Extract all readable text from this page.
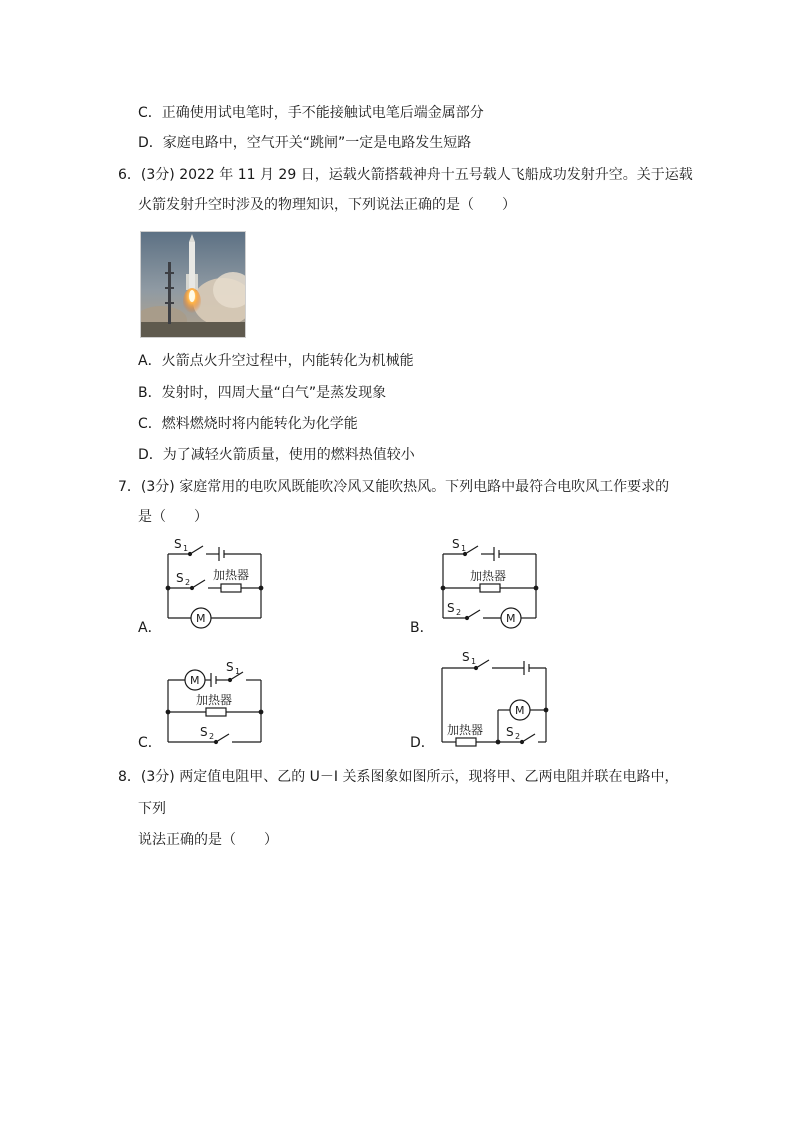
C．正确使用试电笔时，手不能接触试电笔后端金属部分
D．家庭电路中，空气开关“跳闸”一定是电路发生短路
6．(3分) 2022 年 11 月 29 日，运载火箭搭载神舟十五号载人飞船成功发射升空。关于运载
火箭发射升空时涉及的物理知识，下列说法正确的是（　　）
A．火箭点火升空过程中，内能转化为机械能
B．发射时，四周大量“白气”是蒸发现象
C．燃料燃烧时将内能转化为化学能
D．为了减轻火箭质量，使用的燃料热值较小
7．(3分) 家庭常用的电吹风既能吹冷风又能吹热风。下列电路中最符合电吹风工作要求的
是（　　）
S 1
S 2
加热器
M
A．
S 1
加热器
S 2	M
B．
M
S 1
加热器
S 2
C．
S 1
M
加热器 S 2
D．
8．(3分) 两定值电阻甲、乙的 U－I 关系图象如图所示，现将甲、乙两电阻并联在电路中，
下列
说法正确的是（　　）
